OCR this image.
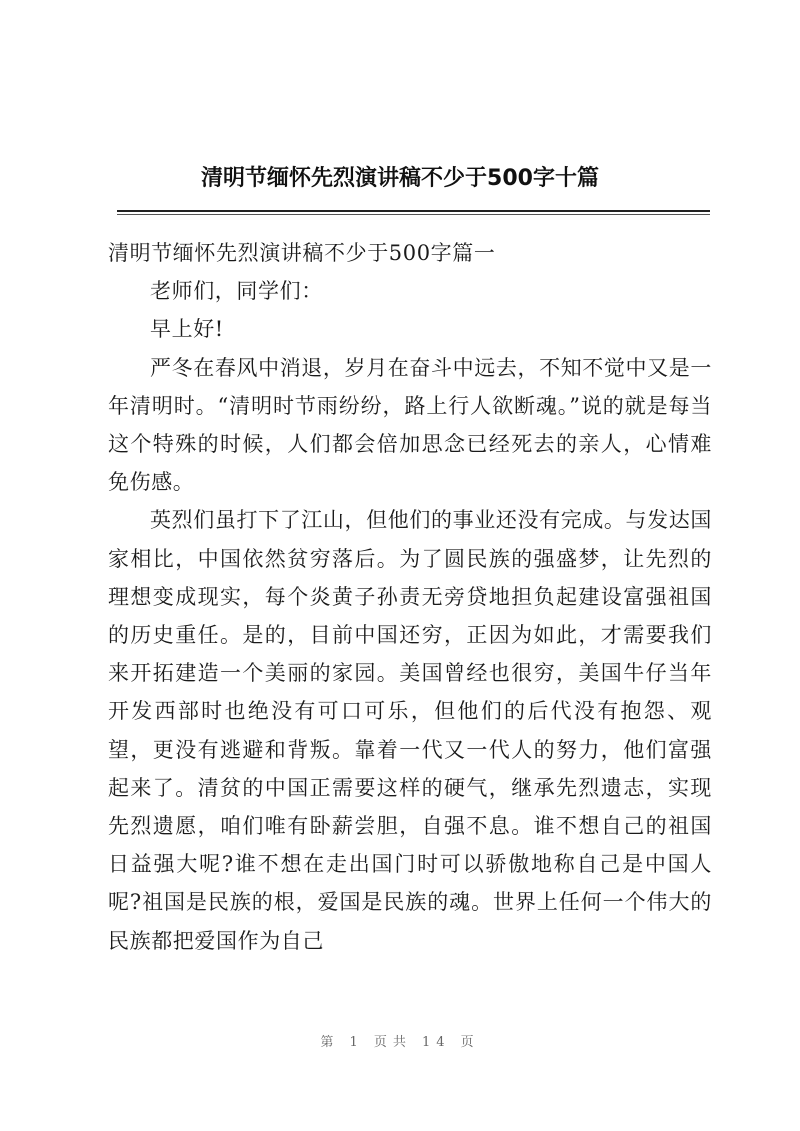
清明节缅怀先烈演讲稿不少于500字十篇

清明节缅怀先烈演讲稿不少于500字篇一

老师们，同学们：

早上好!

严冬在春风中消退，岁月在奋斗中远去，不知不觉中又是一年清明时。“清明时节雨纷纷，路上行人欲断魂。”说的就是每当这个特殊的时候，人们都会倍加思念已经死去的亲人，心情难免伤感。

英烈们虽打下了江山，但他们的事业还没有完成。与发达国家相比，中国依然贫穷落后。为了圆民族的强盛梦，让先烈的理想变成现实，每个炎黄子孙责无旁贷地担负起建设富强祖国的历史重任。是的，目前中国还穷，正因为如此，才需要我们来开拓建造一个美丽的家园。美国曾经也很穷，美国牛仔当年开发西部时也绝没有可口可乐，但他们的后代没有抱怨、观望，更没有逃避和背叛。靠着一代又一代人的努力，他们富强起来了。清贫的中国正需要这样的硬气，继承先烈遗志，实现先烈遗愿，咱们唯有卧薪尝胆，自强不息。谁不想自己的祖国日益强大呢?谁不想在走出国门时可以骄傲地称自己是中国人呢?祖国是民族的根，爱国是民族的魂。世界上任何一个伟大的民族都把爱国作为自己

第 1 页共 14 页
